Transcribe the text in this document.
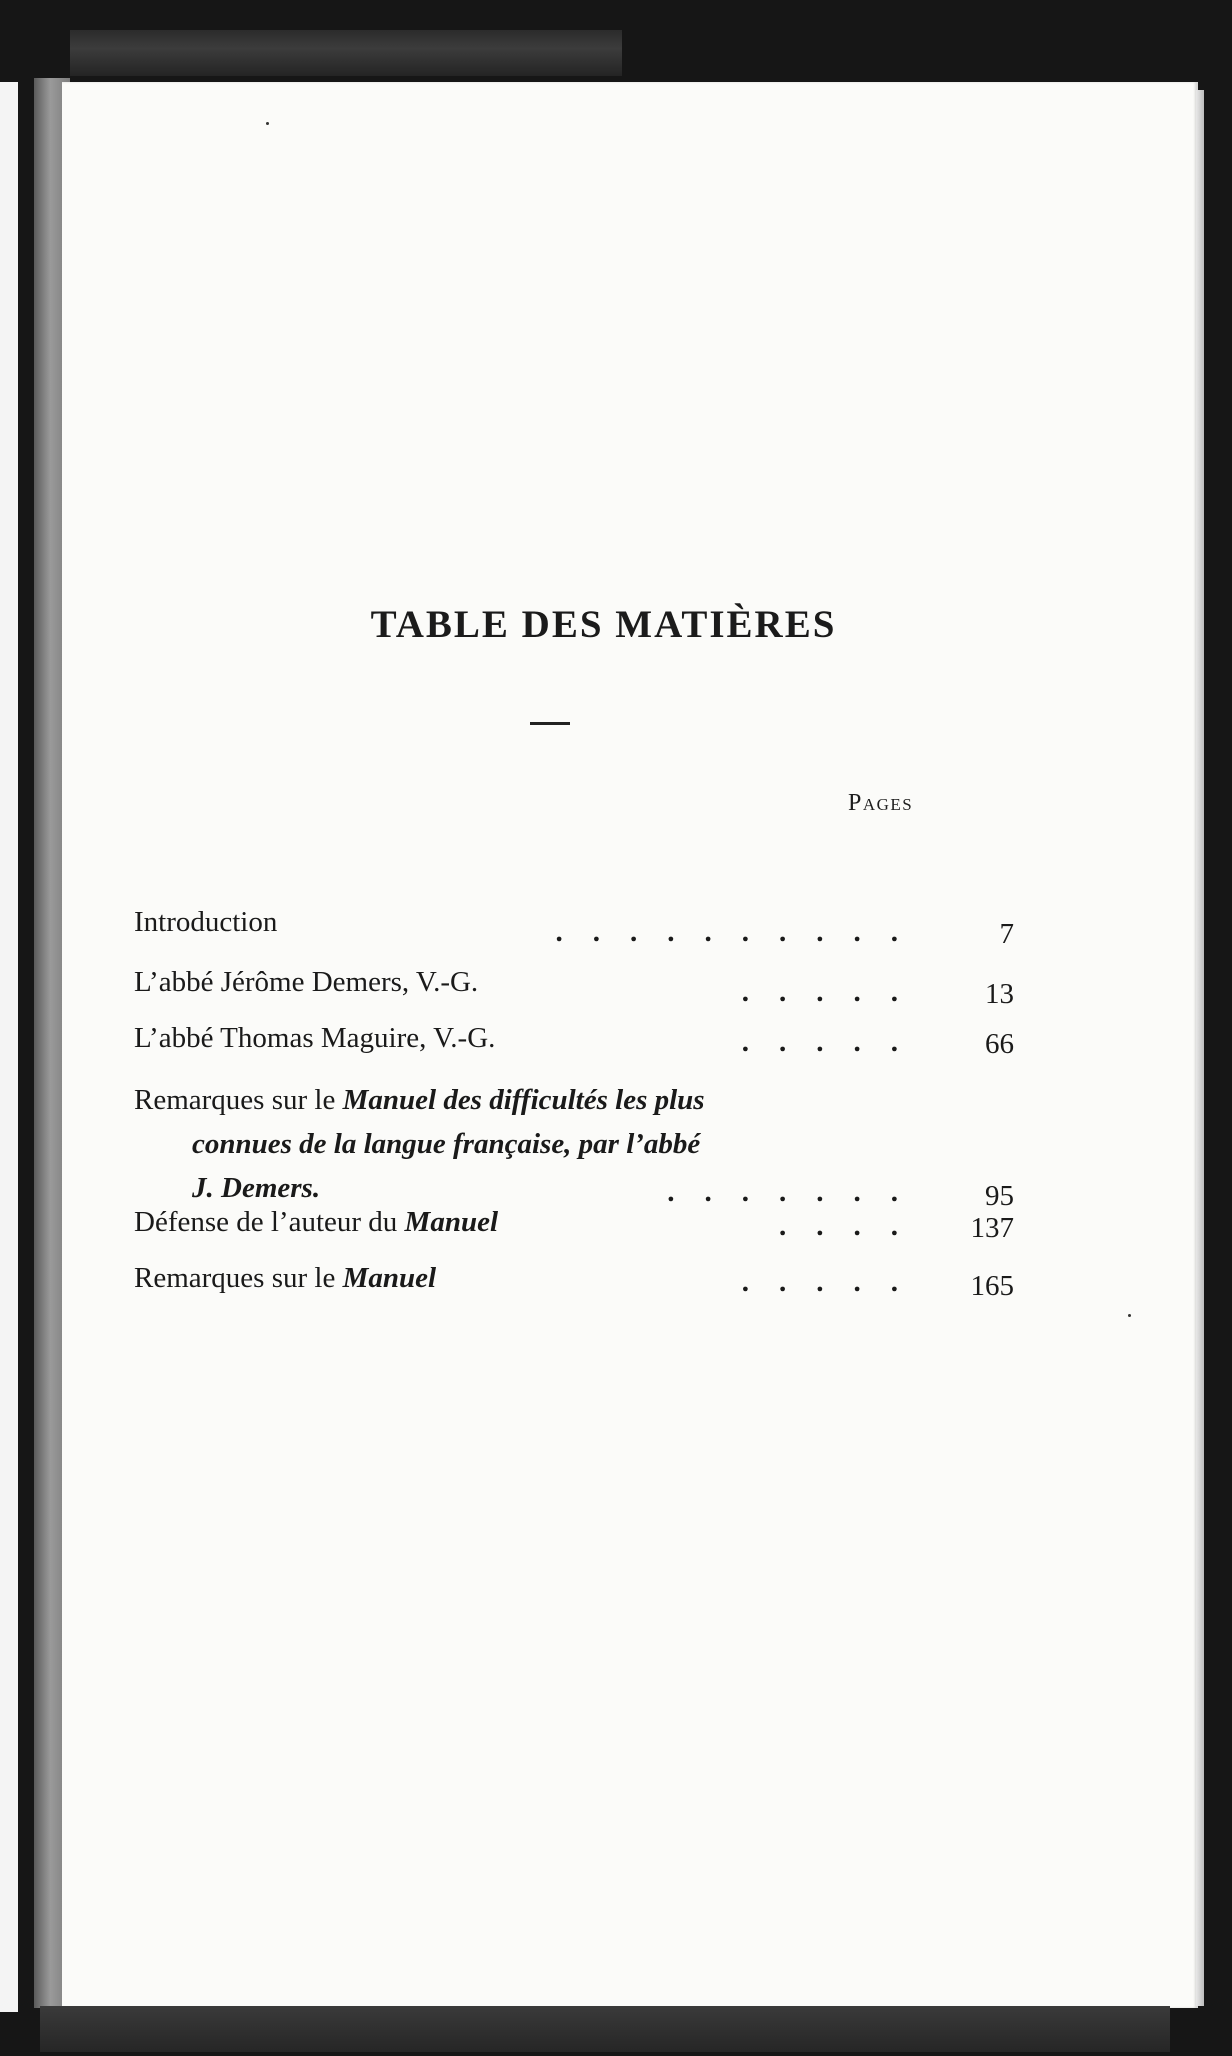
TABLE DES MATIÈRES
Pages
Introduction	..........	7
L’abbé Jérôme Demers, V.-G.	.....	13
L’abbé Thomas Maguire, V.-G.	.....	66
Remarques sur le Manuel des difficultés les plus
connues de la langue française, par l’abbé
J. Demers.	.......	95
Défense de l’auteur du Manuel	....	137
Remarques sur le Manuel	.....	165
